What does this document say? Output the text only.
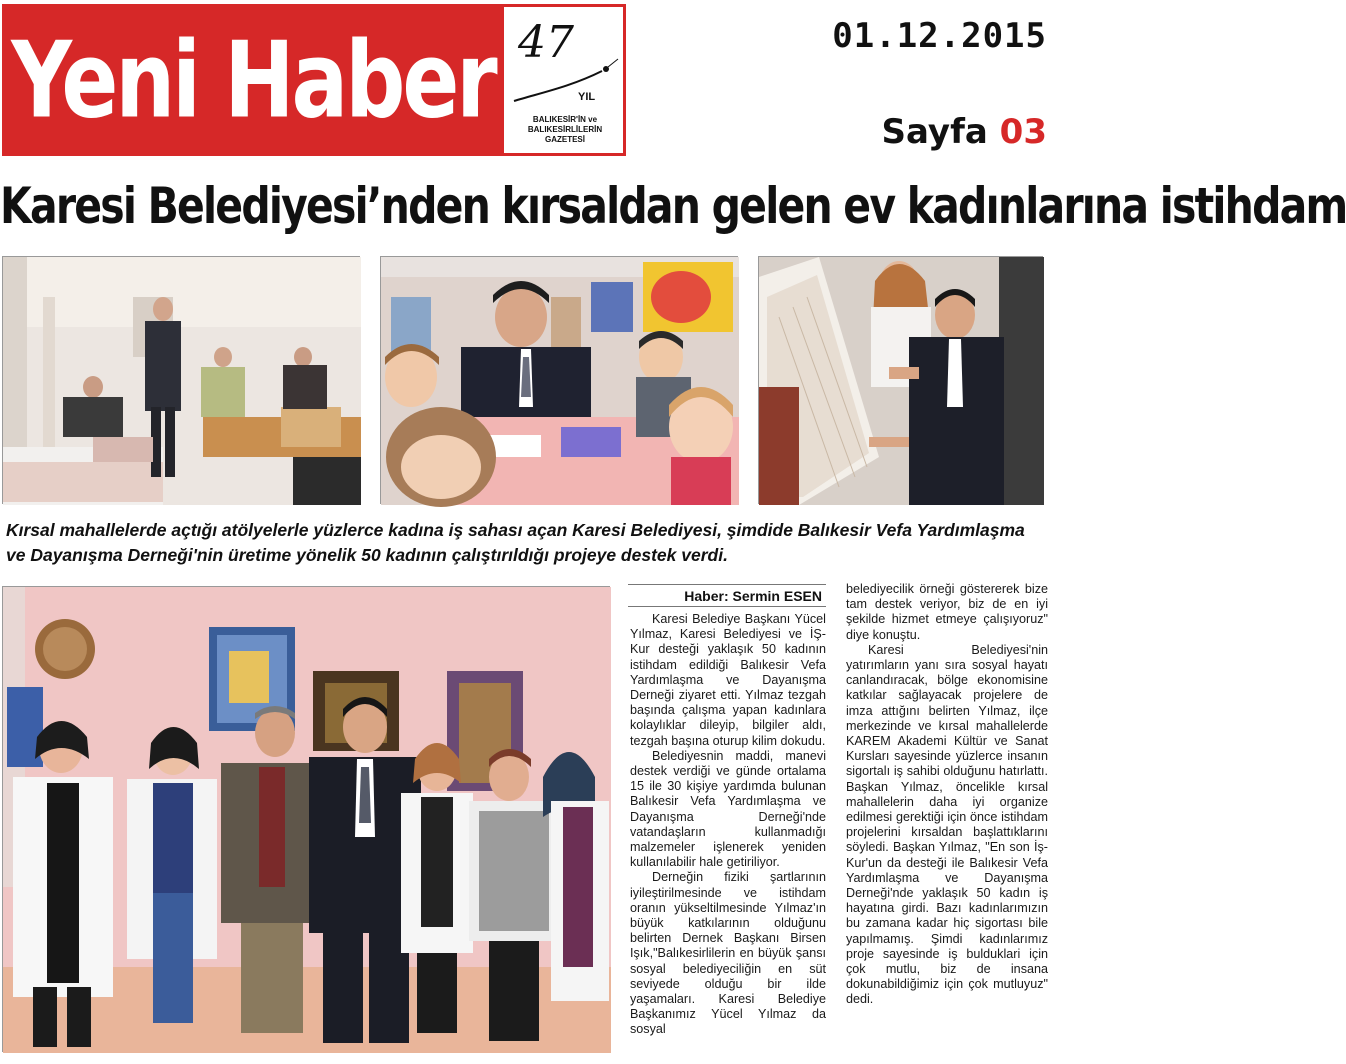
Yeni Haber 47
YIL
BALIKESİR'İN ve BALIKESİRLİLERİN GAZETESİ
01.12.2015
Sayfa 03
Karesi Belediyesi’nden kırsaldan gelen ev kadınlarına istihdam
Kırsal mahallelerde açtığı atölyelerle yüzlerce kadına iş sahası açan Karesi Belediyesi, şimdide Balıkesir Vefa Yardımlaşma ve Dayanışma Derneği'nin üretime yönelik 50 kadının çalıştırıldığı projeye destek verdi.
Haber: Sermin ESEN

Karesi Belediye Başkanı Yücel Yılmaz, Karesi Belediyesi ve İŞ-Kur desteği yaklaşık 50 kadının istihdam edildiği Balıkesir Vefa Yardımlaşma ve Dayanışma Derneği ziyaret etti. Yılmaz tezgah başında çalışma yapan kadınlara kolaylıklar dileyip, bilgiler aldı, tezgah başına oturup kilim dokudu.

Belediyesnin maddi, manevi destek verdiği ve günde ortalama 15 ile 30 kişiye yardımda bulunan Balıkesir Vefa Yardımlaşma ve Dayanışma Derneği'nde vatandaşların kullanmadığı malzemeler işlenerek yeniden kullanılabilir hale getiriliyor.

Derneğin fiziki şartlarının iyileştirilmesinde ve istihdam oranın yükseltilmesinde Yılmaz'ın büyük katkılarının olduğunu belirten Dernek Başkanı Birsen Işık,"Balıkesirlilerin en büyük şansı sosyal belediyeciliğin en süt seviyede olduğu bir ilde yaşamaları. Karesi Belediye Başkanımız Yücel Yılmaz da sosyal

belediyecilik örneği göstererek bize tam destek veriyor, biz de en iyi şekilde hizmet etmeye çalışıyoruz" diye konuştu.

Karesi Belediyesi'nin yatırımların yanı sıra sosyal hayatı canlandıracak, bölge ekonomisine katkılar sağlayacak projelere de imza attığını belirten Yılmaz, ilçe merkezinde ve kırsal mahallelerde KAREM Akademi Kültür ve Sanat Kursları sayesinde yüzlerce insanın sigortalı iş sahibi olduğunu hatırlattı. Başkan Yılmaz, öncelikle kırsal mahallelerin daha iyi organize edilmesi gerektiği için önce istihdam projelerini kırsaldan başlattıklarını söyledi. Başkan Yılmaz, "En son İş-Kur'un da desteği ile Balıkesir Vefa Yardımlaşma ve Dayanışma Derneği'nde yaklaşık 50 kadın iş hayatına girdi. Bazı kadınlarımızın bu zamana kadar hiç sigortası bile yapılmamış. Şimdi kadınlarımız proje sayesinde iş bulduklari için çok mutlu, biz de insana dokunabildiğimiz için çok mutluyuz" dedi.
